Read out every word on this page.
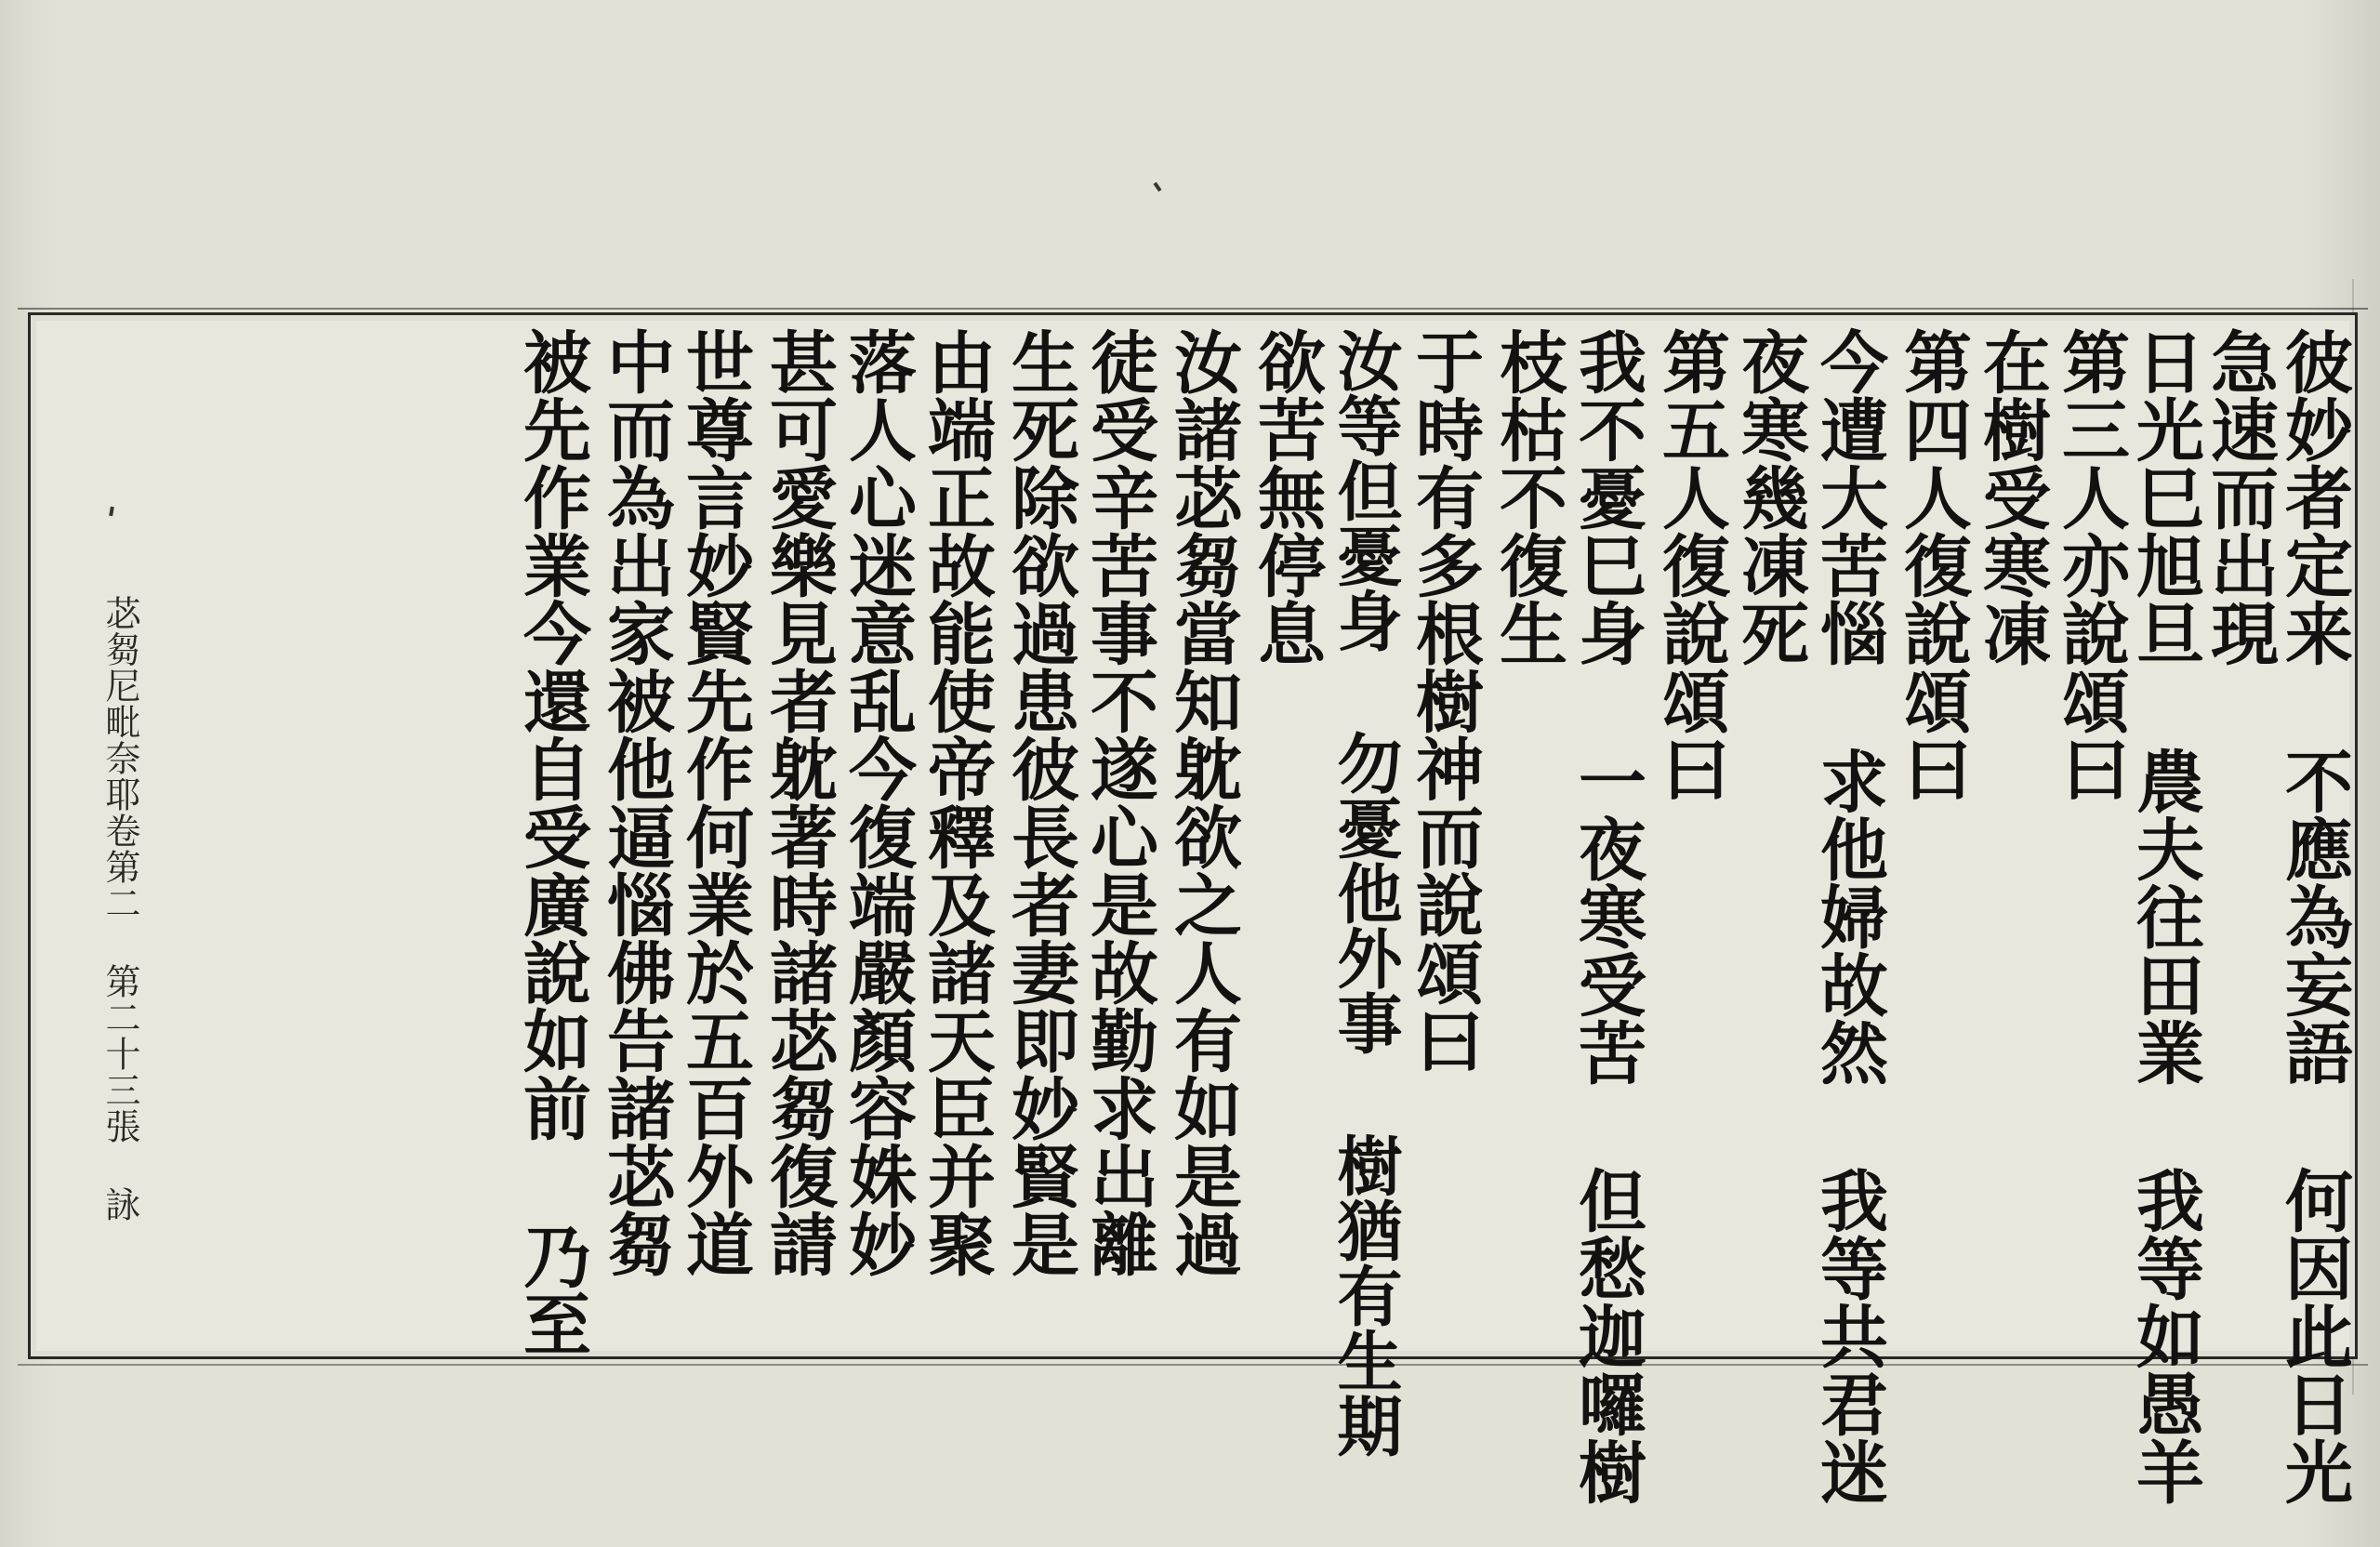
彼妙者定来 不應為妄語 何因此日光
急速而出現
日光巳旭旦 農夫往田業 我等如愚羊
第三人亦說頌曰
在樹受寒凍
第四人復說頌曰
今遭大苦惱 求他婦故然 我等共君迷
夜寒幾凍死
第五人復說頌曰
我不憂巳身 一夜寒受苦 但愁迦囉樹
枝枯不復生
于時有多根樹神而說頌曰
汝等但憂身 勿憂他外事 樹猶有生期
欲苦無停息
汝諸苾芻當知躭欲之人有如是過
徒受辛苦事不遂心是故勤求出離
生死除欲過患彼長者妻即妙賢是
由端正故能使帝釋及諸天臣并聚
落人心迷意乱今復端嚴顏容姝妙
甚可愛樂見者躭著時諸苾芻復請
世尊言妙賢先作何業於五百外道
中而為出家被他逼惱佛告諸苾芻
被先作業今還自受廣說如前 乃至
苾芻尼毗奈耶卷第二 第二十三張 詠
